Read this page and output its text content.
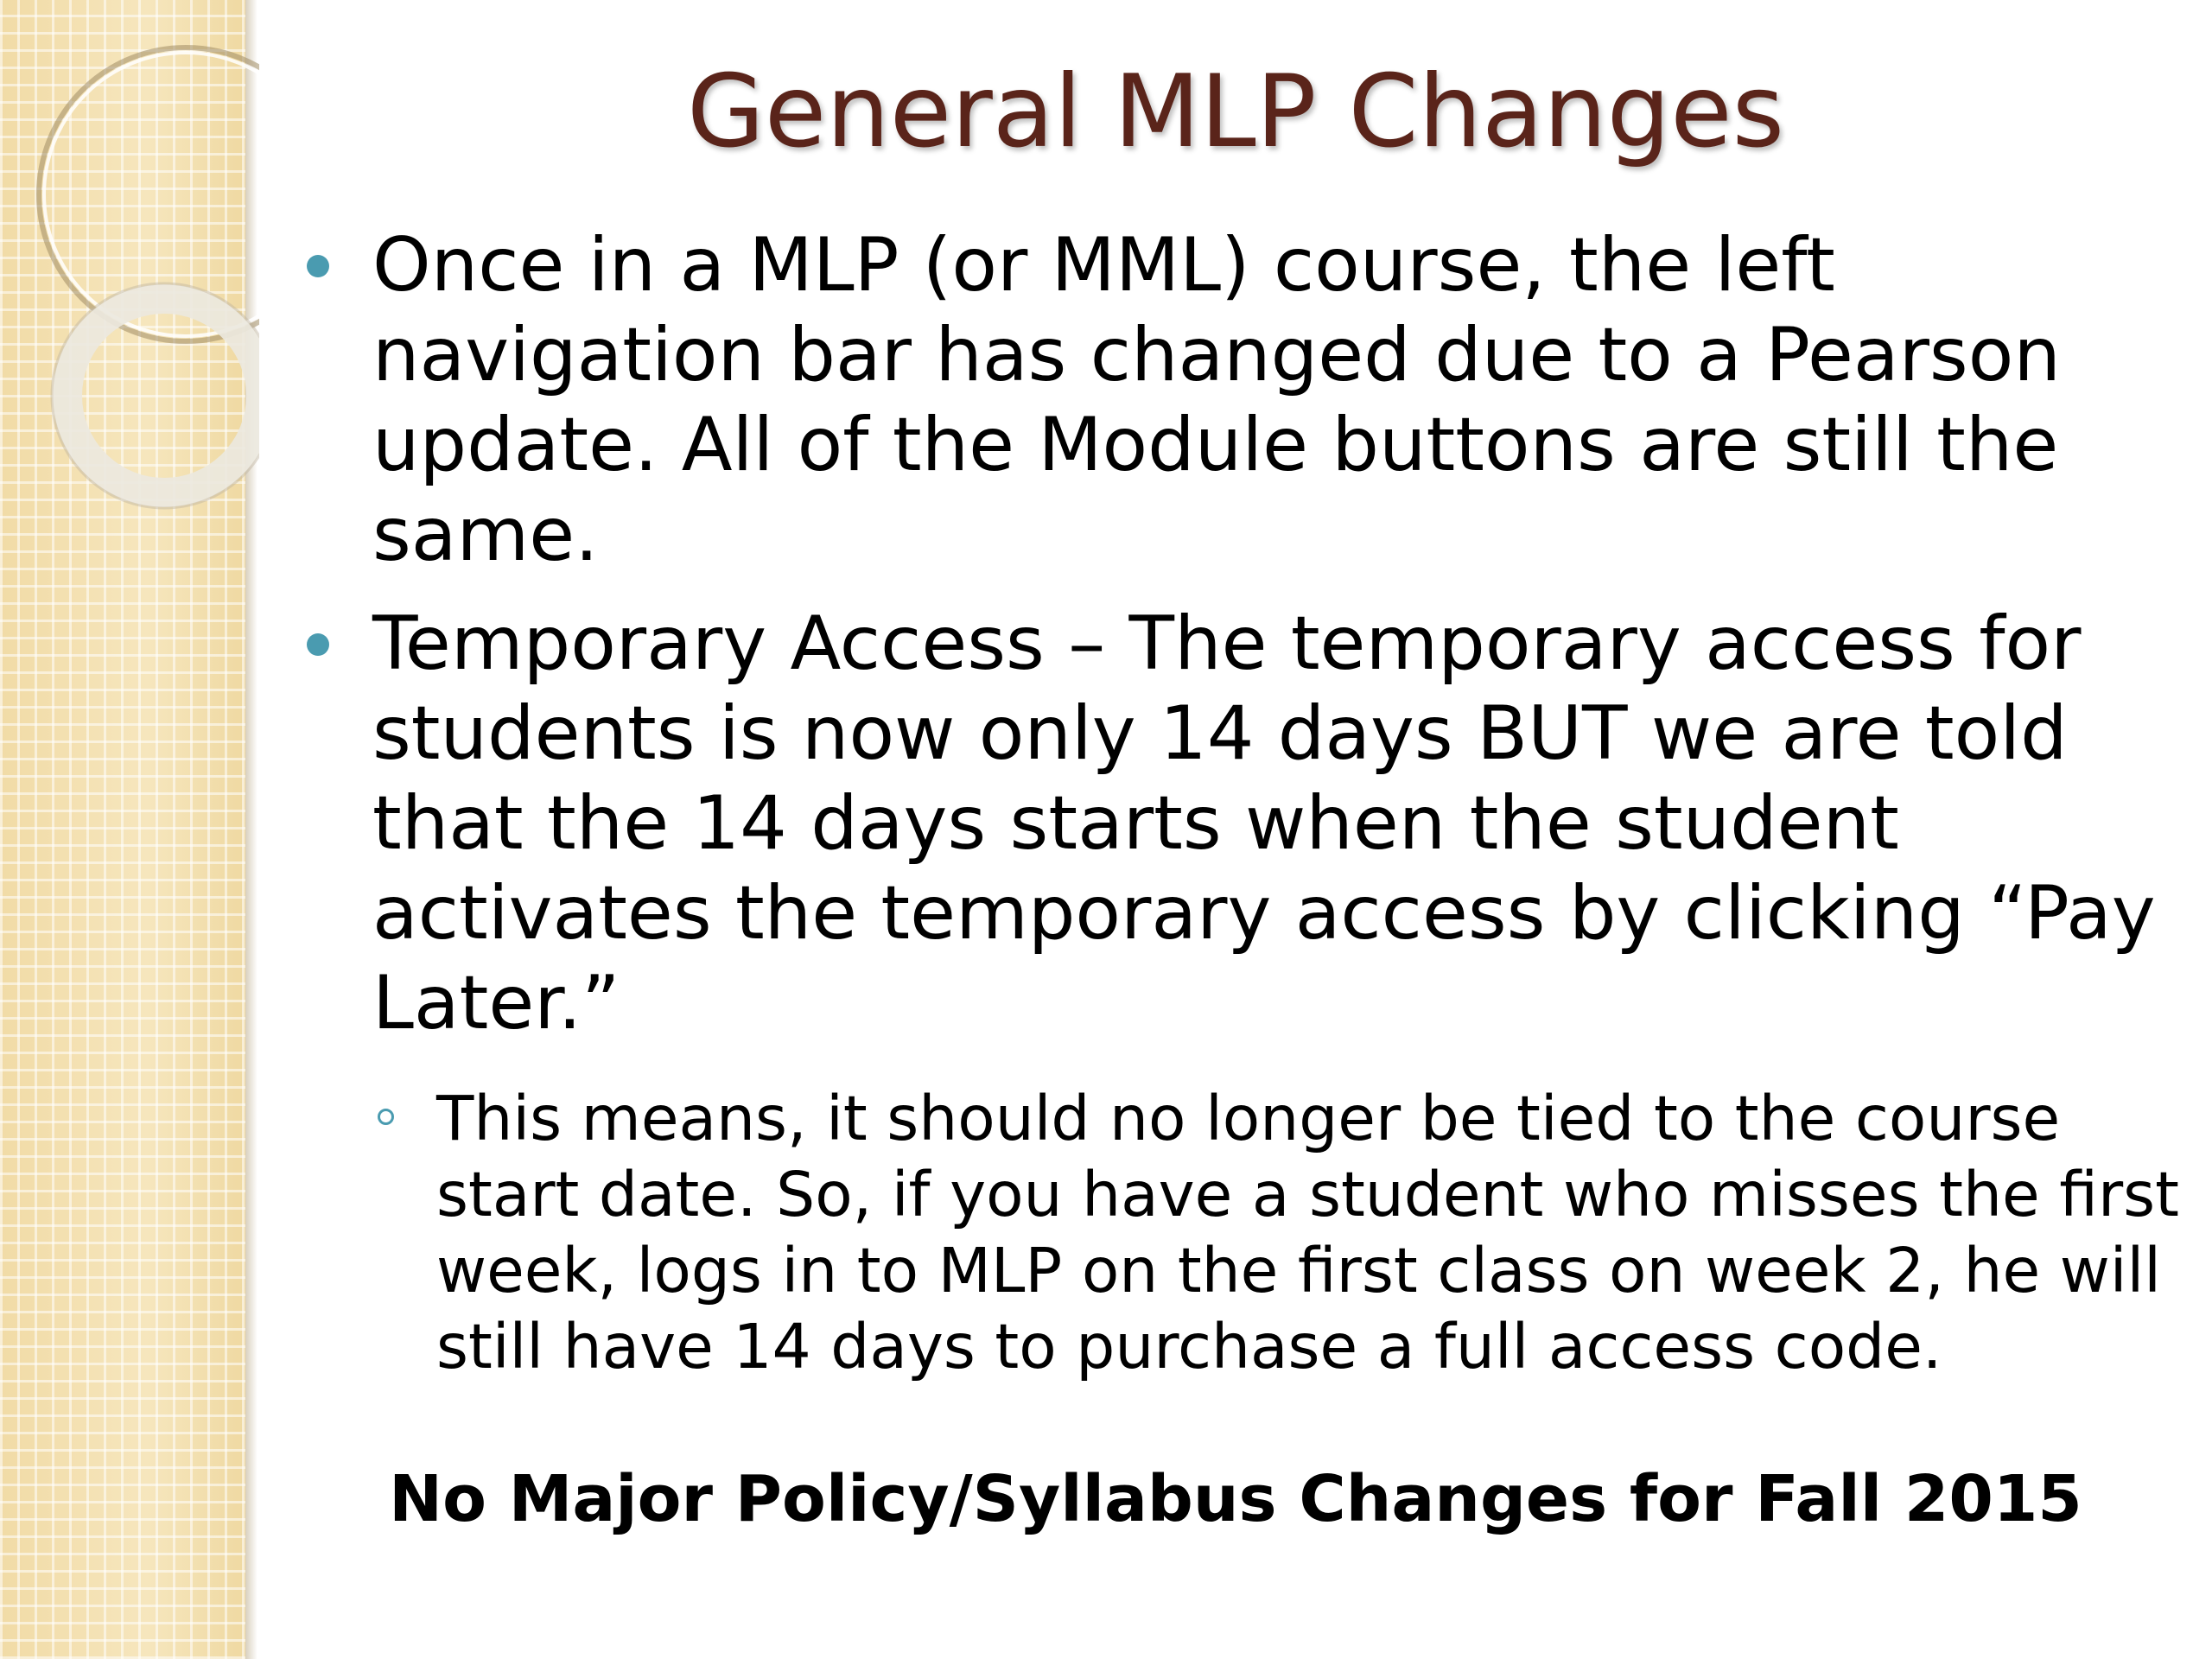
General MLP Changes
Once in a MLP (or MML) course, the left navigation bar has changed due to a Pearson update. All of the Module buttons are still the same.
Temporary Access – The temporary access for students is now only 14 days BUT we are told that the 14 days starts when the student activates the temporary access by clicking “Pay Later.”
This means, it should no longer be tied to the course start date. So, if you have a student who misses the first week, logs in to MLP on the first class on week 2, he will still have 14 days to purchase a full access code.

No Major Policy/Syllabus Changes for Fall 2015
